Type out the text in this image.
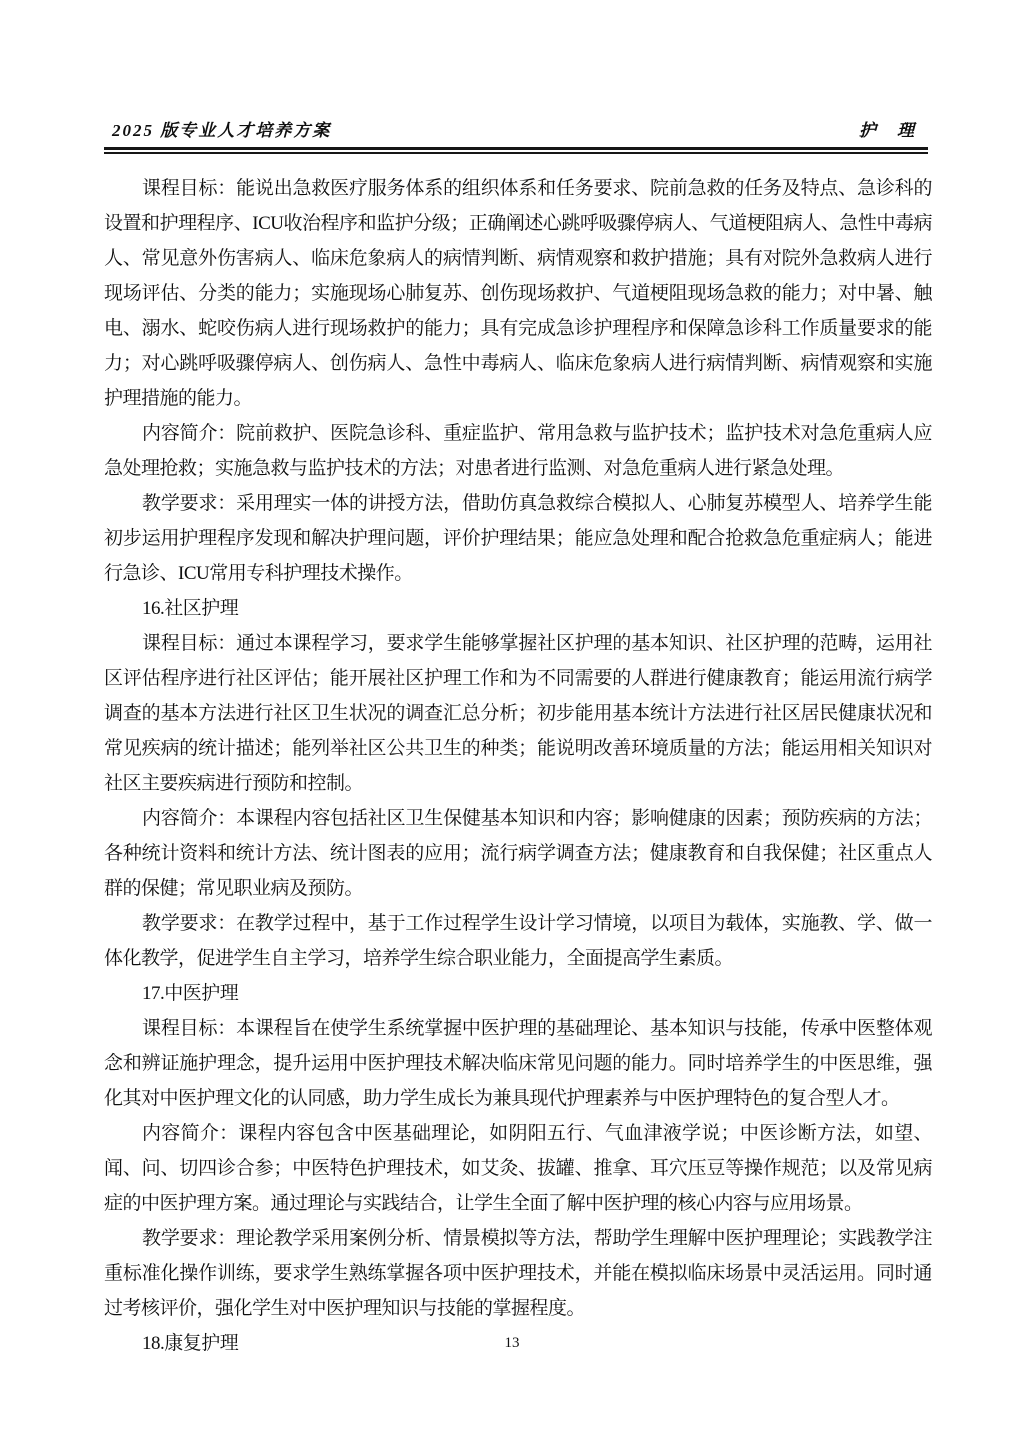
2025 版专业人才培养方案	护　理

课程目标：能说出急救医疗服务体系的组织体系和任务要求、院前急救的任务及特点、急诊科的设置和护理程序、ICU收治程序和监护分级；正确阐述心跳呼吸骤停病人、气道梗阻病人、急性中毒病人、常见意外伤害病人、临床危象病人的病情判断、病情观察和救护措施；具有对院外急救病人进行现场评估、分类的能力；实施现场心肺复苏、创伤现场救护、气道梗阻现场急救的能力；对中暑、触电、溺水、蛇咬伤病人进行现场救护的能力；具有完成急诊护理程序和保障急诊科工作质量要求的能力；对心跳呼吸骤停病人、创伤病人、急性中毒病人、临床危象病人进行病情判断、病情观察和实施护理措施的能力。

内容简介：院前救护、医院急诊科、重症监护、常用急救与监护技术；监护技术对急危重病人应急处理抢救；实施急救与监护技术的方法；对患者进行监测、对急危重病人进行紧急处理。

教学要求：采用理实一体的讲授方法，借助仿真急救综合模拟人、心肺复苏模型人、培养学生能初步运用护理程序发现和解决护理问题，评价护理结果；能应急处理和配合抢救急危重症病人；能进行急诊、ICU常用专科护理技术操作。

16.社区护理

课程目标：通过本课程学习，要求学生能够掌握社区护理的基本知识、社区护理的范畴，运用社区评估程序进行社区评估；能开展社区护理工作和为不同需要的人群进行健康教育；能运用流行病学调查的基本方法进行社区卫生状况的调查汇总分析；初步能用基本统计方法进行社区居民健康状况和常见疾病的统计描述；能列举社区公共卫生的种类；能说明改善环境质量的方法；能运用相关知识对社区主要疾病进行预防和控制。

内容简介：本课程内容包括社区卫生保健基本知识和内容；影响健康的因素；预防疾病的方法；各种统计资料和统计方法、统计图表的应用；流行病学调查方法；健康教育和自我保健；社区重点人群的保健；常见职业病及预防。

教学要求：在教学过程中，基于工作过程学生设计学习情境，以项目为载体，实施教、学、做一体化教学，促进学生自主学习，培养学生综合职业能力，全面提高学生素质。

17.中医护理

课程目标：本课程旨在使学生系统掌握中医护理的基础理论、基本知识与技能，传承中医整体观念和辨证施护理念，提升运用中医护理技术解决临床常见问题的能力。同时培养学生的中医思维，强化其对中医护理文化的认同感，助力学生成长为兼具现代护理素养与中医护理特色的复合型人才。

内容简介：课程内容包含中医基础理论，如阴阳五行、气血津液学说；中医诊断方法，如望、闻、问、切四诊合参；中医特色护理技术，如艾灸、拔罐、推拿、耳穴压豆等操作规范；以及常见病症的中医护理方案。通过理论与实践结合，让学生全面了解中医护理的核心内容与应用场景。

教学要求：理论教学采用案例分析、情景模拟等方法，帮助学生理解中医护理理论；实践教学注重标准化操作训练，要求学生熟练掌握各项中医护理技术，并能在模拟临床场景中灵活运用。同时通过考核评价，强化学生对中医护理知识与技能的掌握程度。

18.康复护理	13
